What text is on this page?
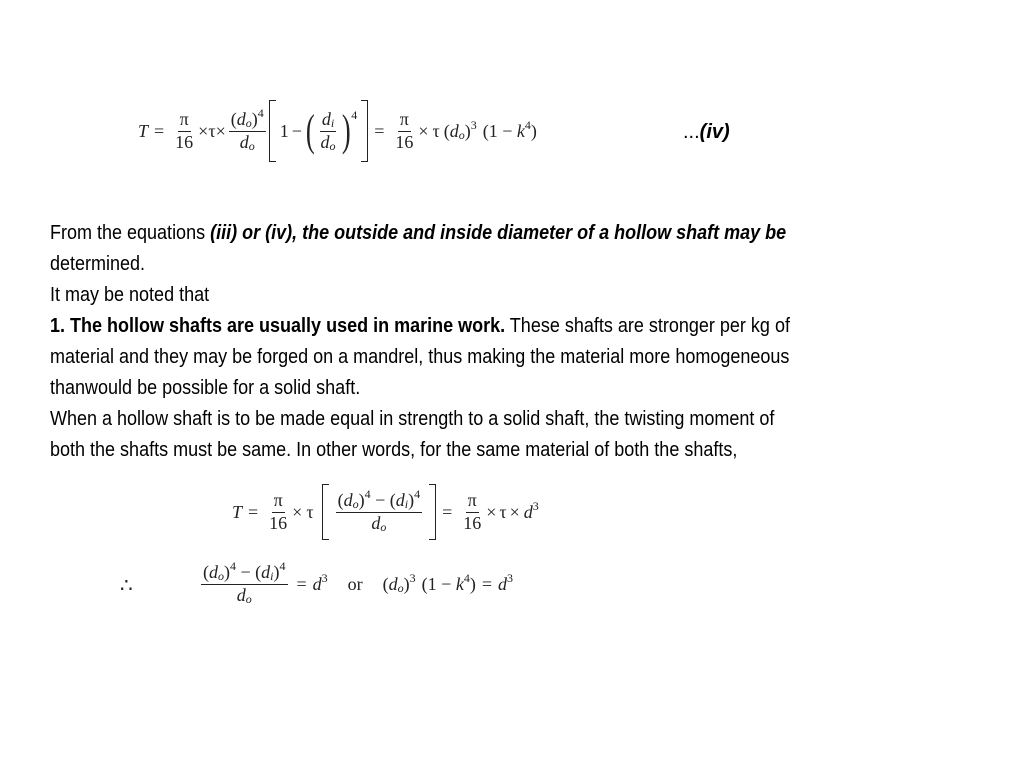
$T = \frac{\pi}{16} \times \tau \times \frac{(d_o)^4}{d_o} 1$ − ( $\frac{d_i}{d_o}$ ) 4
= $\frac{\pi}{16} \times \tau$ $(d_o)^3$ $(1 - k^4)$	...(iv)

From the equations (iii) or (iv), the outside and inside diameter of a hollow shaft may be

determined.

It may be noted that

1. The hollow shafts are usually used in marine work. These shafts are stronger per kg of

material and they may be forged on a mandrel, thus making the material more homogeneous

thanwould be possible for a solid shaft.

When a hollow shaft is to be made equal in strength to a solid shaft, the twisting moment of

both the shafts must be same. In other words, for the same material of both the shafts,

$T = \frac{\pi}{16} \times \tau \frac{(d_o)^4 - (d_i)^4}{d_o} = \frac{\pi}{16} \times \tau \times d^3$
∴	$\frac{(d_o)^4 - (d_i)^4}{d_o} = d^3$ or $(d_o)^3$ $(1 - k^4) = d^3$
